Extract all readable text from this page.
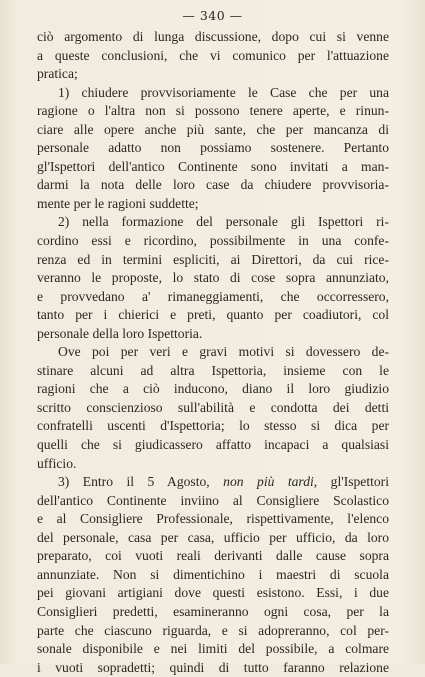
— 340 —
ciò argomento di lunga discussione, dopo cui si venne
a queste conclusioni, che vi comunico per l'attuazione
pratica;
1) chiudere provvisoriamente le Case che per una
ragione o l'altra non si possono tenere aperte, e rinun-
ciare alle opere anche più sante, che per mancanza di
personale adatto non possiamo sostenere. Pertanto
gl'Ispettori dell'antico Continente sono invitati a man-
darmi la nota delle loro case da chiudere provvisoria-
mente per le ragioni suddette;
2) nella formazione del personale gli Ispettori ri-
cordino essi e ricordino, possibilmente in una confe-
renza ed in termini espliciti, ai Direttori, da cui rice-
veranno le proposte, lo stato di cose sopra annunziato,
e provvedano a' rimaneggiamenti, che occorressero,
tanto per i chierici e preti, quanto per coadiutori, col
personale della loro Ispettoria.
Ove poi per veri e gravi motivi si dovessero de-
stinare alcuni ad altra Ispettoria, insieme con le
ragioni che a ciò inducono, diano il loro giudizio
scritto conscienzioso sull'abilità e condotta dei detti
confratelli uscenti d'Ispettoria; lo stesso si dica per
quelli che si giudicassero affatto incapaci a qualsiasi
ufficio.
3) Entro il 5 Agosto, non più tardi, gl'Ispettori
dell'antico Continente inviino al Consigliere Scolastico
e al Consigliere Professionale, rispettivamente, l'elenco
del personale, casa per casa, ufficio per ufficio, da loro
preparato, coi vuoti reali derivanti dalle cause sopra
annunziate. Non si dimentichino i maestri di scuola
pei giovani artigiani dove questi esistono. Essi, i due
Consiglieri predetti, esamineranno ogni cosa, per la
parte che ciascuno riguarda, e si adopreranno, col per-
sonale disponibile e nei limiti del possibile, a colmare
i vuoti sopradetti; quindi di tutto faranno relazione
